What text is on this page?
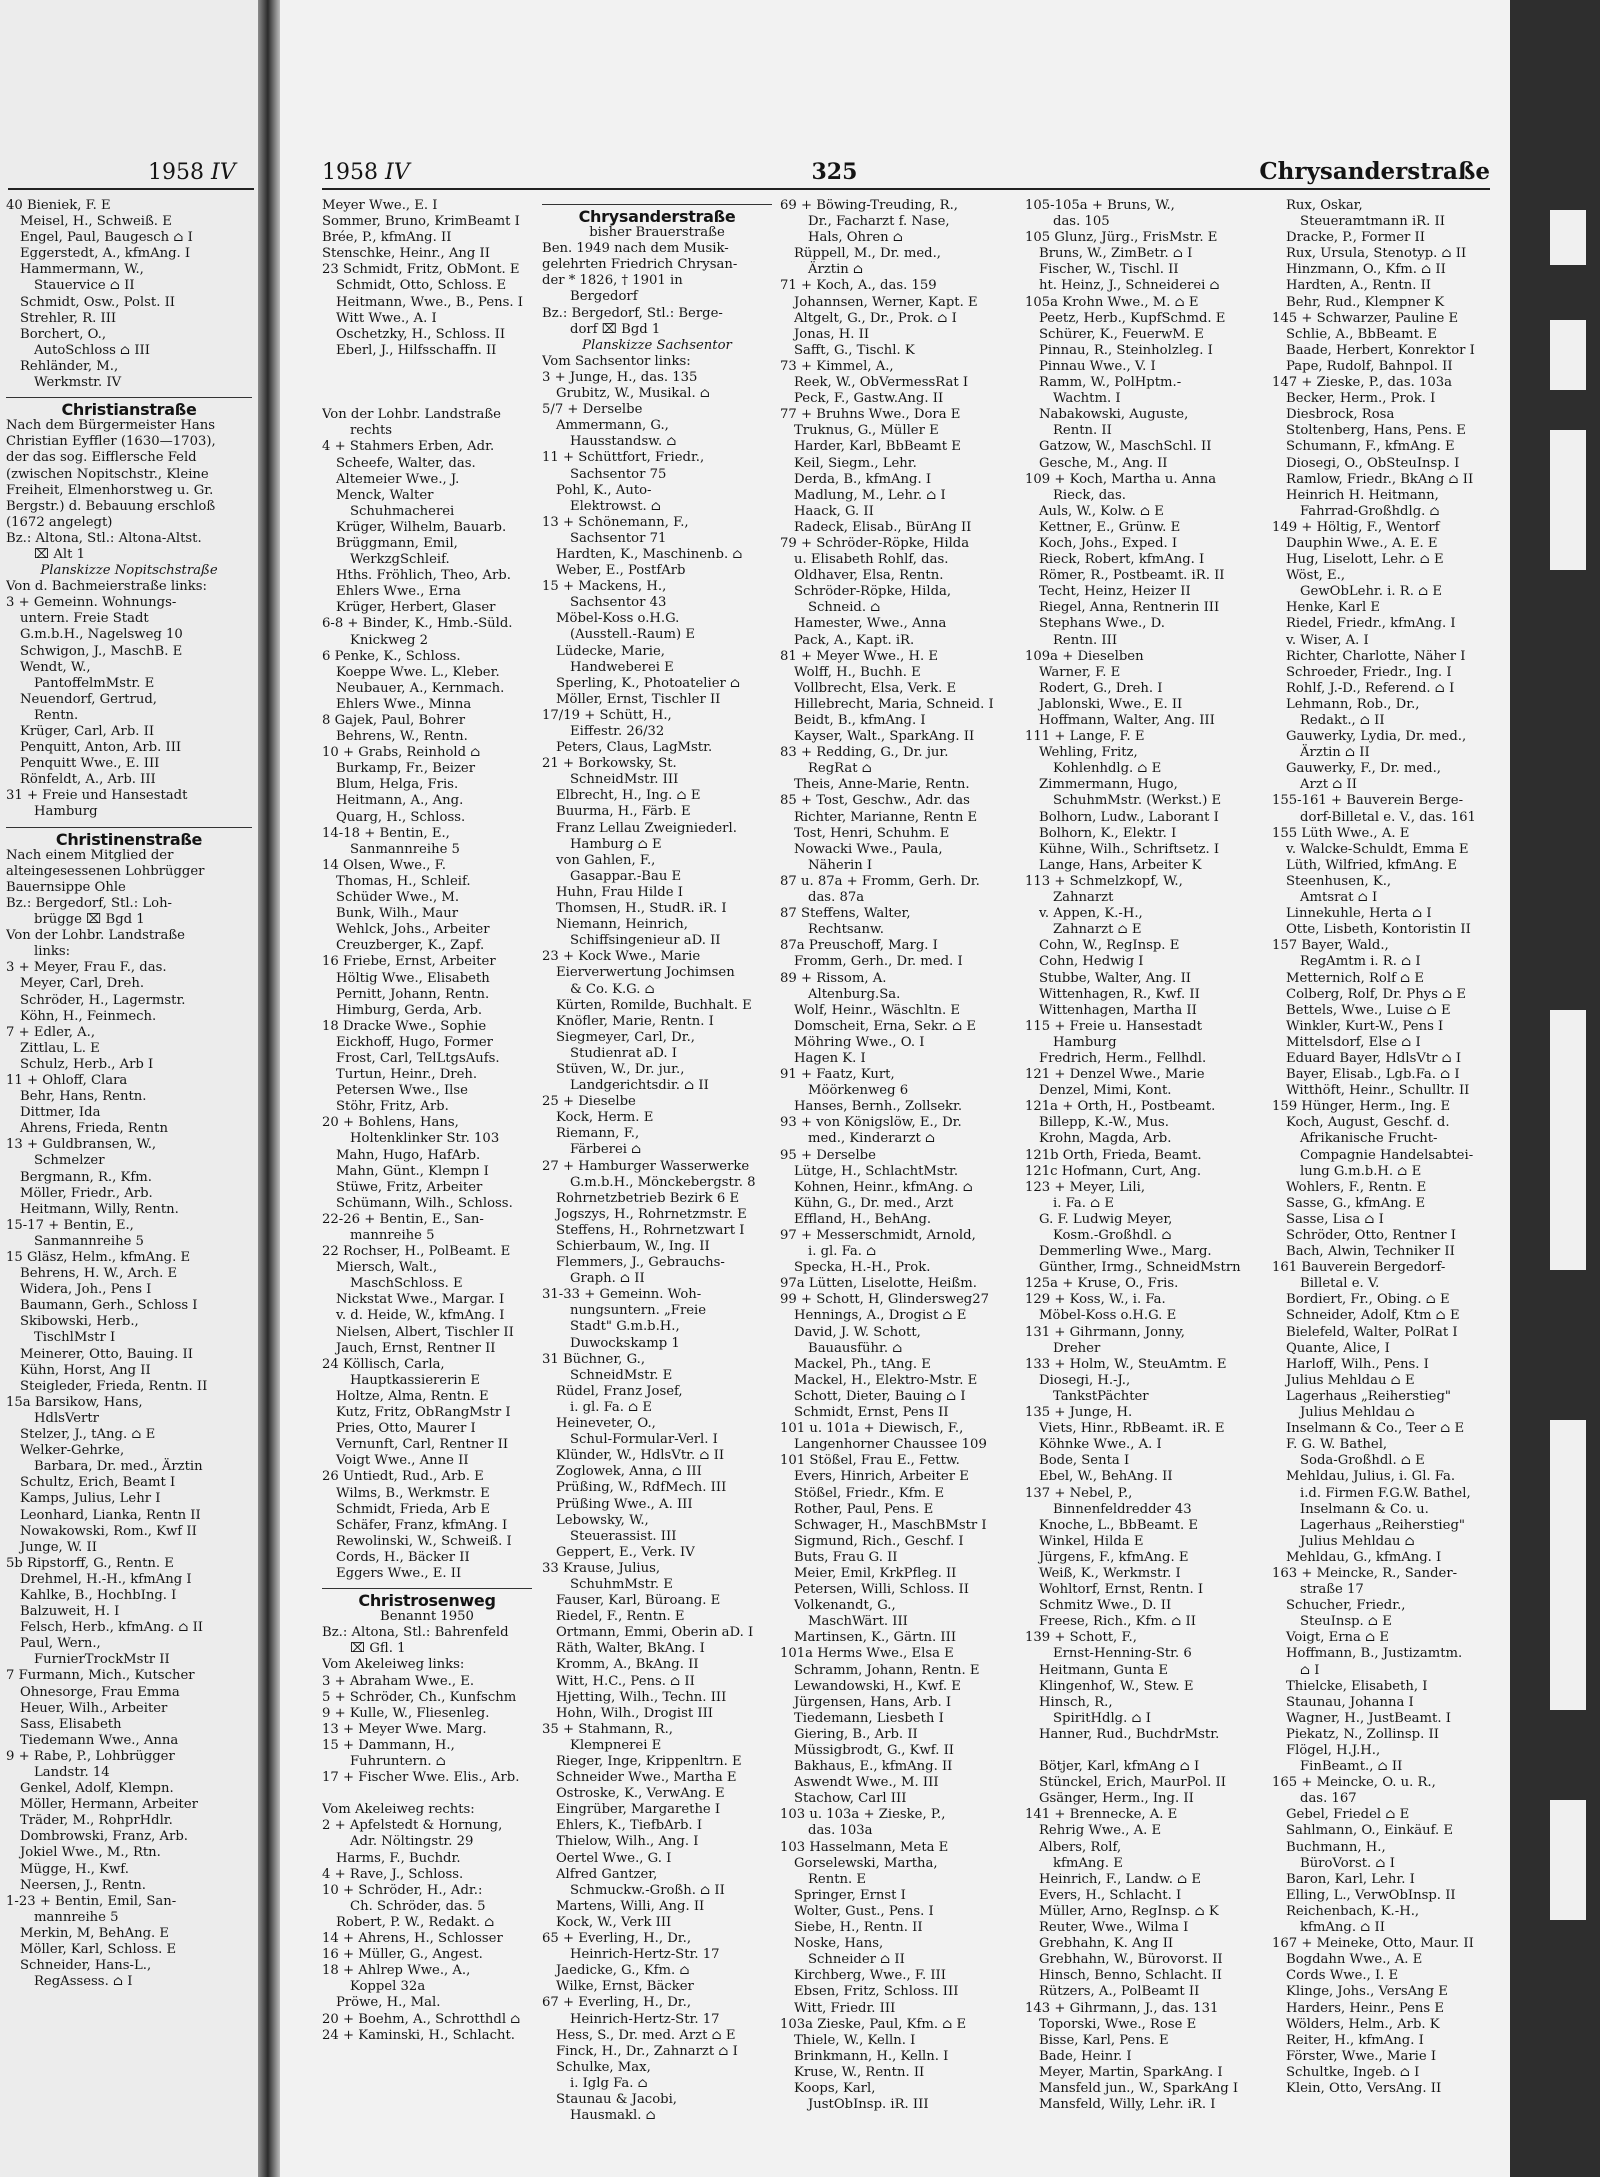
1958 IV
40 Bieniek, F. E
Meisel, H., Schweiß. E
Engel, Paul, Baugesch ⌂ I
Eggerstedt, A., kfmAng. I
Hammermann, W.,
Stauervice ⌂ II
Schmidt, Osw., Polst. II
Strehler, R. III
Borchert, O.,
AutoSchloss ⌂ III
Rehländer, M.,
Werkmstr. IV
Christianstraße
Nach dem Bürgermeister Hans
Christian Eyffler (1630—1703),
der das sog. Eifflersche Feld
(zwischen Nopitschstr., Kleine
Freiheit, Elmenhorstweg u. Gr.
Bergstr.) d. Bebauung erschloß
(1672 angelegt)
Bz.: Altona, Stl.: Altona-Altst.
⌧ Alt 1
Planskizze Nopitschstraße
Von d. Bachmeierstraße links:
3 + Gemeinn. Wohnungs-
untern. Freie Stadt
G.m.b.H., Nagelsweg 10
Schwigon, J., MaschB. E
Wendt, W.,
PantoffelmMstr. E
Neuendorf, Gertrud,
Rentn.
Krüger, Carl, Arb. II
Penquitt, Anton, Arb. III
Penquitt Wwe., E. III
Rönfeldt, A., Arb. III
31 + Freie und Hansestadt
Hamburg
Christinenstraße
Nach einem Mitglied der
alteingesessenen Lohbrügger
Bauernsippe Ohle
Bz.: Bergedorf, Stl.: Loh-
brügge ⌧ Bgd 1
Von der Lohbr. Landstraße
links:
3 + Meyer, Frau F., das.
Meyer, Carl, Dreh.
Schröder, H., Lagermstr.
Köhn, H., Feinmech.
7 + Edler, A.,
Zittlau, L. E
Schulz, Herb., Arb I
11 + Ohloff, Clara
Behr, Hans, Rentn.
Dittmer, Ida
Ahrens, Frieda, Rentn
13 + Guldbransen, W.,
Schmelzer
Bergmann, R., Kfm.
Möller, Friedr., Arb.
Heitmann, Willy, Rentn.
15-17 + Bentin, E.,
Sanmannreihe 5
15 Gläsz, Helm., kfmAng. E
Behrens, H. W., Arch. E
Widera, Joh., Pens I
Baumann, Gerh., Schloss I
Skibowski, Herb.,
TischlMstr I
Meinerer, Otto, Bauing. II
Kühn, Horst, Ang II
Steigleder, Frieda, Rentn. II
15a Barsikow, Hans,
HdlsVertr
Stelzer, J., tAng. ⌂ E
Welker-Gehrke,
Barbara, Dr. med., Ärztin
Schultz, Erich, Beamt I
Kamps, Julius, Lehr I
Leonhard, Lianka, Rentn II
Nowakowski, Rom., Kwf II
Junge, W. II
5b Ripstorff, G., Rentn. E
Drehmel, H.-H., kfmAng I
Kahlke, B., HochbIng. I
Balzuweit, H. I
Felsch, Herb., kfmAng. ⌂ II
Paul, Wern.,
FurnierTrockMstr II
7 Furmann, Mich., Kutscher
Ohnesorge, Frau Emma
Heuer, Wilh., Arbeiter
Sass, Elisabeth
Tiedemann Wwe., Anna
9 + Rabe, P., Lohbrügger
Landstr. 14
Genkel, Adolf, Klempn.
Möller, Hermann, Arbeiter
Träder, M., RohprHdlr.
Dombrowski, Franz, Arb.
Jokiel Wwe., M., Rtn.
Mügge, H., Kwf.
Neersen, J., Rentn.
1-23 + Bentin, Emil, San-
mannreihe 5
Merkin, M, BehAng. E
Möller, Karl, Schloss. E
Schneider, Hans-L.,
RegAssess. ⌂ I
1958 IV	325	Chrysanderstraße
Meyer Wwe., E. I
Sommer, Bruno, KrimBeamt I
Brée, P., kfmAng. II
Stenschke, Heinr., Ang II
23 Schmidt, Fritz, ObMont. E
Schmidt, Otto, Schloss. E
Heitmann, Wwe., B., Pens. I
Witt Wwe., A. I
Oschetzky, H., Schloss. II
Eberl, J., Hilfsschaffn. II

Von der Lohbr. Landstraße
rechts
4 + Stahmers Erben, Adr.
Scheefe, Walter, das.
Altemeier Wwe., J.
Menck, Walter
Schuhmacherei
Krüger, Wilhelm, Bauarb.
Brüggmann, Emil,
WerkzgSchleif.
Hths. Fröhlich, Theo, Arb.
Ehlers Wwe., Erna
Krüger, Herbert, Glaser
6-8 + Binder, K., Hmb.-Süld.
Knickweg 2
6 Penke, K., Schloss.
Koeppe Wwe. L., Kleber.
Neubauer, A., Kernmach.
Ehlers Wwe., Minna
8 Gajek, Paul, Bohrer
Behrens, W., Rentn.
10 + Grabs, Reinhold ⌂
Burkamp, Fr., Beizer
Blum, Helga, Fris.
Heitmann, A., Ang.
Quarg, H., Schloss.
14-18 + Bentin, E.,
Sanmannreihe 5
14 Olsen, Wwe., F.
Thomas, H., Schleif.
Schüder Wwe., M.
Bunk, Wilh., Maur
Wehlck, Johs., Arbeiter
Creuzberger, K., Zapf.
16 Friebe, Ernst, Arbeiter
Höltig Wwe., Elisabeth
Pernitt, Johann, Rentn.
Himburg, Gerda, Arb.
18 Dracke Wwe., Sophie
Eickhoff, Hugo, Former
Frost, Carl, TelLtgsAufs.
Turtun, Heinr., Dreh.
Petersen Wwe., Ilse
Stöhr, Fritz, Arb.
20 + Bohlens, Hans,
Holtenklinker Str. 103
Mahn, Hugo, HafArb.
Mahn, Günt., Klempn I
Stüwe, Fritz, Arbeiter
Schümann, Wilh., Schloss.
22-26 + Bentin, E., San-
mannreihe 5
22 Rochser, H., PolBeamt. E
Miersch, Walt.,
MaschSchloss. E
Nickstat Wwe., Margar. I
v. d. Heide, W., kfmAng. I
Nielsen, Albert, Tischler II
Jauch, Ernst, Rentner II
24 Köllisch, Carla,
Hauptkassiererin E
Holtze, Alma, Rentn. E
Kutz, Fritz, ObRangMstr I
Pries, Otto, Maurer I
Vernunft, Carl, Rentner II
Voigt Wwe., Anne II
26 Untiedt, Rud., Arb. E
Wilms, B., Werkmstr. E
Schmidt, Frieda, Arb E
Schäfer, Franz, kfmAng. I
Rewolinski, W., Schweiß. I
Cords, H., Bäcker II
Eggers Wwe., E. II
Christrosenweg
Benannt 1950
Bz.: Altona, Stl.: Bahrenfeld
⌧ Gfl. 1
Vom Akeleiweg links:
3 + Abraham Wwe., E.
5 + Schröder, Ch., Kunfschm
9 + Kulle, W., Fliesenleg.
13 + Meyer Wwe. Marg.
15 + Dammann, H.,
Fuhruntern. ⌂
17 + Fischer Wwe. Elis., Arb.

Vom Akeleiweg rechts:
2 + Apfelstedt & Hornung,
Adr. Nöltingstr. 29
Harms, F., Buchdr.
4 + Rave, J., Schloss.
10 + Schröder, H., Adr.:
Ch. Schröder, das. 5
Robert, P. W., Redakt. ⌂
14 + Ahrens, H., Schlosser
16 + Müller, G., Angest.
18 + Ahlrep Wwe., A.,
Koppel 32a
Pröwe, H., Mal.
20 + Boehm, A., Schrotthdl ⌂
24 + Kaminski, H., Schlacht.
Chrysanderstraße
bisher Brauerstraße
Ben. 1949 nach dem Musik-
gelehrten Friedrich Chrysan-
der * 1826, † 1901 in
Bergedorf
Bz.: Bergedorf, Stl.: Berge-
dorf ⌧ Bgd 1
Planskizze Sachsentor
Vom Sachsentor links:
3 + Junge, H., das. 135
Grubitz, W., Musikal. ⌂
5/7 + Derselbe
Ammermann, G.,
Hausstandsw. ⌂
11 + Schüttfort, Friedr.,
Sachsentor 75
Pohl, K., Auto-
Elektrowst. ⌂
13 + Schönemann, F.,
Sachsentor 71
Hardten, K., Maschinenb. ⌂
Weber, E., PostfArb
15 + Mackens, H.,
Sachsentor 43
Möbel-Koss o.H.G.
(Ausstell.-Raum) E
Lüdecke, Marie,
Handweberei E
Sperling, K., Photoatelier ⌂
Möller, Ernst, Tischler II
17/19 + Schütt, H.,
Eiffestr. 26/32
Peters, Claus, LagMstr.
21 + Borkowsky, St.
SchneidMstr. III
Elbrecht, H., Ing. ⌂ E
Buurma, H., Färb. E
Franz Lellau Zweigniederl.
Hamburg ⌂ E
von Gahlen, F.,
Gasappar.-Bau E
Huhn, Frau Hilde I
Thomsen, H., StudR. iR. I
Niemann, Heinrich,
Schiffsingenieur aD. II
23 + Kock Wwe., Marie
Eierverwertung Jochimsen
& Co. K.G. ⌂
Kürten, Romilde, Buchhalt. E
Knöfler, Marie, Rentn. I
Siegmeyer, Carl, Dr.,
Studienrat aD. I
Stüven, W., Dr. jur.,
Landgerichtsdir. ⌂ II
25 + Dieselbe
Kock, Herm. E
Riemann, F.,
Färberei ⌂
27 + Hamburger Wasserwerke
G.m.b.H., Mönckebergstr. 8
Rohrnetzbetrieb Bezirk 6 E
Jogszys, H., Rohrnetzmstr. E
Steffens, H., Rohrnetzwart I
Schierbaum, W., Ing. II
Flemmers, J., Gebrauchs-
Graph. ⌂ II
31-33 + Gemeinn. Woh-
nungsuntern. „Freie
Stadt" G.m.b.H.,
Duwockskamp 1
31 Büchner, G.,
SchneidMstr. E
Rüdel, Franz Josef,
i. gl. Fa. ⌂ E
Heineveter, O.,
Schul-Formular-Verl. I
Klünder, W., HdlsVtr. ⌂ II
Zoglowek, Anna, ⌂ III
Prüßing, W., RdfMech. III
Prüßing Wwe., A. III
Lebowsky, W.,
Steuerassist. III
Geppert, E., Verk. IV
33 Krause, Julius,
SchuhmMstr. E
Fauser, Karl, Büroang. E
Riedel, F., Rentn. E
Ortmann, Emmi, Oberin aD. I
Räth, Walter, BkAng. I
Kromm, A., BkAng. II
Witt, H.C., Pens. ⌂ II
Hjetting, Wilh., Techn. III
Hohn, Wilh., Drogist III
35 + Stahmann, R.,
Klempnerei E
Rieger, Inge, Krippenltrn. E
Schneider Wwe., Martha E
Ostroske, K., VerwAng. E
Eingrüber, Margarethe I
Ehlers, K., TiefbArb. I
Thielow, Wilh., Ang. I
Oertel Wwe., G. I
Alfred Gantzer,
Schmuckw.-Großh. ⌂ II
Martens, Willi, Ang. II
Kock, W., Verk III
65 + Everling, H., Dr.,
Heinrich-Hertz-Str. 17
Jaedicke, G., Kfm. ⌂
Wilke, Ernst, Bäcker
67 + Everling, H., Dr.,
Heinrich-Hertz-Str. 17
Hess, S., Dr. med. Arzt ⌂ E
Finck, H., Dr., Zahnarzt ⌂ I
Schulke, Max,
i. Iglg Fa. ⌂
Staunau & Jacobi,
Hausmakl. ⌂
69 + Böwing-Treuding, R.,
Dr., Facharzt f. Nase,
Hals, Ohren ⌂
Rüppell, M., Dr. med.,
Ärztin ⌂
71 + Koch, A., das. 159
Johannsen, Werner, Kapt. E
Altgelt, G., Dr., Prok. ⌂ I
Jonas, H. II
Safft, G., Tischl. K
73 + Kimmel, A.,
Reek, W., ObVermessRat I
Peck, F., Gastw.Ang. II
77 + Bruhns Wwe., Dora E
Truknus, G., Müller E
Harder, Karl, BbBeamt E
Keil, Siegm., Lehr.
Derda, B., kfmAng. I
Madlung, M., Lehr. ⌂ I
Haack, G. II
Radeck, Elisab., BürAng II
79 + Schröder-Röpke, Hilda
u. Elisabeth Rohlf, das.
Oldhaver, Elsa, Rentn.
Schröder-Röpke, Hilda,
Schneid. ⌂
Hamester, Wwe., Anna
Pack, A., Kapt. iR.
81 + Meyer Wwe., H. E
Wolff, H., Buchh. E
Vollbrecht, Elsa, Verk. E
Hillebrecht, Maria, Schneid. I
Beidt, B., kfmAng. I
Kayser, Walt., SparkAng. II
83 + Redding, G., Dr. jur.
RegRat ⌂
Theis, Anne-Marie, Rentn.
85 + Tost, Geschw., Adr. das
Richter, Marianne, Rentn E
Tost, Henri, Schuhm. E
Nowacki Wwe., Paula,
Näherin I
87 u. 87a + Fromm, Gerh. Dr.
das. 87a
87 Steffens, Walter,
Rechtsanw.
87a Preuschoff, Marg. I
Fromm, Gerh., Dr. med. I
89 + Rissom, A.
Altenburg.Sa.
Wolf, Heinr., Wäschltn. E
Domscheit, Erna, Sekr. ⌂ E
Möhring Wwe., O. I
Hagen K. I
91 + Faatz, Kurt,
Möörkenweg 6
Hanses, Bernh., Zollsekr.
93 + von Königslöw, E., Dr.
med., Kinderarzt ⌂
95 + Derselbe
Lütge, H., SchlachtMstr.
Kohnen, Heinr., kfmAng. ⌂
Kühn, G., Dr. med., Arzt
Effland, H., BehAng.
97 + Messerschmidt, Arnold,
i. gl. Fa. ⌂
Specka, H.-H., Prok.
97a Lütten, Liselotte, Heißm.
99 + Schott, H, Glindersweg27
Hennings, A., Drogist ⌂ E
David, J. W. Schott,
Bauausführ. ⌂
Mackel, Ph., tAng. E
Mackel, H., Elektro-Mstr. E
Schott, Dieter, Bauing ⌂ I
Schmidt, Ernst, Pens II
101 u. 101a + Diewisch, F.,
Langenhorner Chaussee 109
101 Stößel, Frau E., Fettw.
Evers, Hinrich, Arbeiter E
Stößel, Friedr., Kfm. E
Rother, Paul, Pens. E
Schwager, H., MaschBMstr I
Sigmund, Rich., Geschf. I
Buts, Frau G. II
Meier, Emil, KrkPfleg. II
Petersen, Willi, Schloss. II
Volkenandt, G.,
MaschWärt. III
Martinsen, K., Gärtn. III
101a Herms Wwe., Elsa E
Schramm, Johann, Rentn. E
Lewandowski, H., Kwf. E
Jürgensen, Hans, Arb. I
Tiedemann, Liesbeth I
Giering, B., Arb. II
Müssigbrodt, G., Kwf. II
Bakhaus, E., kfmAng. II
Aswendt Wwe., M. III
Stachow, Carl III
103 u. 103a + Zieske, P.,
das. 103a
103 Hasselmann, Meta E
Gorselewski, Martha,
Rentn. E
Springer, Ernst I
Wolter, Gust., Pens. I
Siebe, H., Rentn. II
Noske, Hans,
Schneider ⌂ II
Kirchberg, Wwe., F. III
Ebsen, Fritz, Schloss. III
Witt, Friedr. III
103a Zieske, Paul, Kfm. ⌂ E
Thiele, W., Kelln. I
Brinkmann, H., Kelln. I
Kruse, W., Rentn. II
Koops, Karl,
JustObInsp. iR. III
105-105a + Bruns, W.,
das. 105
105 Glunz, Jürg., FrisMstr. E
Bruns, W., ZimBetr. ⌂ I
Fischer, W., Tischl. II
ht. Heinz, J., Schneiderei ⌂
105a Krohn Wwe., M. ⌂ E
Peetz, Herb., KupfSchmd. E
Schürer, K., FeuerwM. E
Pinnau, R., Steinholzleg. I
Pinnau Wwe., V. I
Ramm, W., PolHptm.-
Wachtm. I
Nabakowski, Auguste,
Rentn. II
Gatzow, W., MaschSchl. II
Gesche, M., Ang. II
109 + Koch, Martha u. Anna
Rieck, das.
Auls, W., Kolw. ⌂ E
Kettner, E., Grünw. E
Koch, Johs., Exped. I
Rieck, Robert, kfmAng. I
Römer, R., Postbeamt. iR. II
Techt, Heinz, Heizer II
Riegel, Anna, Rentnerin III
Stephans Wwe., D.
Rentn. III
109a + Dieselben
Warner, F. E
Rodert, G., Dreh. I
Jablonski, Wwe., E. II
Hoffmann, Walter, Ang. III
111 + Lange, F. E
Wehling, Fritz,
Kohlenhdlg. ⌂ E
Zimmermann, Hugo,
SchuhmMstr. (Werkst.) E
Bolhorn, Ludw., Laborant I
Bolhorn, K., Elektr. I
Kühne, Wilh., Schriftsetz. I
Lange, Hans, Arbeiter K
113 + Schmelzkopf, W.,
Zahnarzt
v. Appen, K.-H.,
Zahnarzt ⌂ E
Cohn, W., RegInsp. E
Cohn, Hedwig I
Stubbe, Walter, Ang. II
Wittenhagen, R., Kwf. II
Wittenhagen, Martha II
115 + Freie u. Hansestadt
Hamburg
Fredrich, Herm., Fellhdl.
121 + Denzel Wwe., Marie
Denzel, Mimi, Kont.
121a + Orth, H., Postbeamt.
Billepp, K.-W., Mus.
Krohn, Magda, Arb.
121b Orth, Frieda, Beamt.
121c Hofmann, Curt, Ang.
123 + Meyer, Lili,
i. Fa. ⌂ E
G. F. Ludwig Meyer,
Kosm.-Großhdl. ⌂
Demmerling Wwe., Marg.
Günther, Irmg., SchneidMstrn
125a + Kruse, O., Fris.
129 + Koss, W., i. Fa.
Möbel-Koss o.H.G. E
131 + Gihrmann, Jonny,
Dreher
133 + Holm, W., SteuAmtm. E
Diosegi, H.-J.,
TankstPächter
135 + Junge, H.
Viets, Hinr., RbBeamt. iR. E
Köhnke Wwe., A. I
Bode, Senta I
Ebel, W., BehAng. II
137 + Nebel, P.,
Binnenfeldredder 43
Knoche, L., BbBeamt. E
Winkel, Hilda E
Jürgens, F., kfmAng. E
Weiß, K., Werkmstr. I
Wohltorf, Ernst, Rentn. I
Schmitz Wwe., D. II
Freese, Rich., Kfm. ⌂ II
139 + Schott, F.,
Ernst-Henning-Str. 6
Heitmann, Gunta E
Klingenhof, W., Stew. E
Hinsch, R.,
SpiritHdlg. ⌂ I
Hanner, Rud., BuchdrMstr.

Bötjer, Karl, kfmAng ⌂ I
Stünckel, Erich, MaurPol. II
Gsänger, Herm., Ing. II
141 + Brennecke, A. E
Rehrig Wwe., A. E
Albers, Rolf,
kfmAng. E
Heinrich, F., Landw. ⌂ E
Evers, H., Schlacht. I
Müller, Arno, RegInsp. ⌂ K
Reuter, Wwe., Wilma I
Grebhahn, K. Ang II
Grebhahn, W., Bürovorst. II
Hinsch, Benno, Schlacht. II
Rützers, A., PolBeamt II
143 + Gihrmann, J., das. 131
Toporski, Wwe., Rose E
Bisse, Karl, Pens. E
Bade, Heinr. I
Meyer, Martin, SparkAng. I
Mansfeld jun., W., SparkAng I
Mansfeld, Willy, Lehr. iR. I
Rux, Oskar,
Steueramtmann iR. II
Dracke, P., Former II
Rux, Ursula, Stenotyp. ⌂ II
Hinzmann, O., Kfm. ⌂ II
Hardten, A., Rentn. II
Behr, Rud., Klempner K
145 + Schwarzer, Pauline E
Schlie, A., BbBeamt. E
Baade, Herbert, Konrektor I
Pape, Rudolf, Bahnpol. II
147 + Zieske, P., das. 103a
Becker, Herm., Prok. I
Diesbrock, Rosa
Stoltenberg, Hans, Pens. E
Schumann, F., kfmAng. E
Diosegi, O., ObSteuInsp. I
Ramlow, Friedr., BkAng ⌂ II
Heinrich H. Heitmann,
Fahrrad-Großhdlg. ⌂
149 + Höltig, F., Wentorf
Dauphin Wwe., A. E. E
Hug, Liselott, Lehr. ⌂ E
Wöst, E.,
GewObLehr. i. R. ⌂ E
Henke, Karl E
Riedel, Friedr., kfmAng. I
v. Wiser, A. I
Richter, Charlotte, Näher I
Schroeder, Friedr., Ing. I
Rohlf, J.-D., Referend. ⌂ I
Lehmann, Rob., Dr.,
Redakt., ⌂ II
Gauwerky, Lydia, Dr. med.,
Ärztin ⌂ II
Gauwerky, F., Dr. med.,
Arzt ⌂ II
155-161 + Bauverein Berge-
dorf-Billetal e. V., das. 161
155 Lüth Wwe., A. E
v. Walcke-Schuldt, Emma E
Lüth, Wilfried, kfmAng. E
Steenhusen, K.,
Amtsrat ⌂ I
Linnekuhle, Herta ⌂ I
Otte, Lisbeth, Kontoristin II
157 Bayer, Wald.,
RegAmtm i. R. ⌂ I
Metternich, Rolf ⌂ E
Colberg, Rolf, Dr. Phys ⌂ E
Bettels, Wwe., Luise ⌂ E
Winkler, Kurt-W., Pens I
Mittelsdorf, Else ⌂ I
Eduard Bayer, HdlsVtr ⌂ I
Bayer, Elisab., Lgb.Fa. ⌂ I
Witthöft, Heinr., Schulltr. II
159 Hünger, Herm., Ing. E
Koch, August, Geschf. d.
Afrikanische Frucht-
Compagnie Handelsabtei-
lung G.m.b.H. ⌂ E
Wohlers, F., Rentn. E
Sasse, G., kfmAng. E
Sasse, Lisa ⌂ I
Schröder, Otto, Rentner I
Bach, Alwin, Techniker II
161 Bauverein Bergedorf-
Billetal e. V.
Bordiert, Fr., Obing. ⌂ E
Schneider, Adolf, Ktm ⌂ E
Bielefeld, Walter, PolRat I
Quante, Alice, I
Harloff, Wilh., Pens. I
Julius Mehldau ⌂ E
Lagerhaus „Reiherstieg"
Julius Mehldau ⌂
Inselmann & Co., Teer ⌂ E
F. G. W. Bathel,
Soda-Großhdl. ⌂ E
Mehldau, Julius, i. Gl. Fa.
i.d. Firmen F.G.W. Bathel,
Inselmann & Co. u.
Lagerhaus „Reiherstieg"
Julius Mehldau ⌂
Mehldau, G., kfmAng. I
163 + Meincke, R., Sander-
straße 17
Schucher, Friedr.,
SteuInsp. ⌂ E
Voigt, Erna ⌂ E
Hoffmann, B., Justizamtm.
⌂ I
Thielcke, Elisabeth, I
Staunau, Johanna I
Wagner, H., JustBeamt. I
Piekatz, N., Zollinsp. II
Flögel, H.J.H.,
FinBeamt., ⌂ II
165 + Meincke, O. u. R.,
das. 167
Gebel, Friedel ⌂ E
Sahlmann, O., Einkäuf. E
Buchmann, H.,
BüroVorst. ⌂ I
Baron, Karl, Lehr. I
Elling, L., VerwObInsp. II
Reichenbach, K.-H.,
kfmAng. ⌂ II
167 + Meineke, Otto, Maur. II
Bogdahn Wwe., A. E
Cords Wwe., I. E
Klinge, Johs., VersAng E
Harders, Heinr., Pens E
Wölders, Helm., Arb. K
Reiter, H., kfmAng. I
Förster, Wwe., Marie I
Schultke, Ingeb. ⌂ I
Klein, Otto, VersAng. II
